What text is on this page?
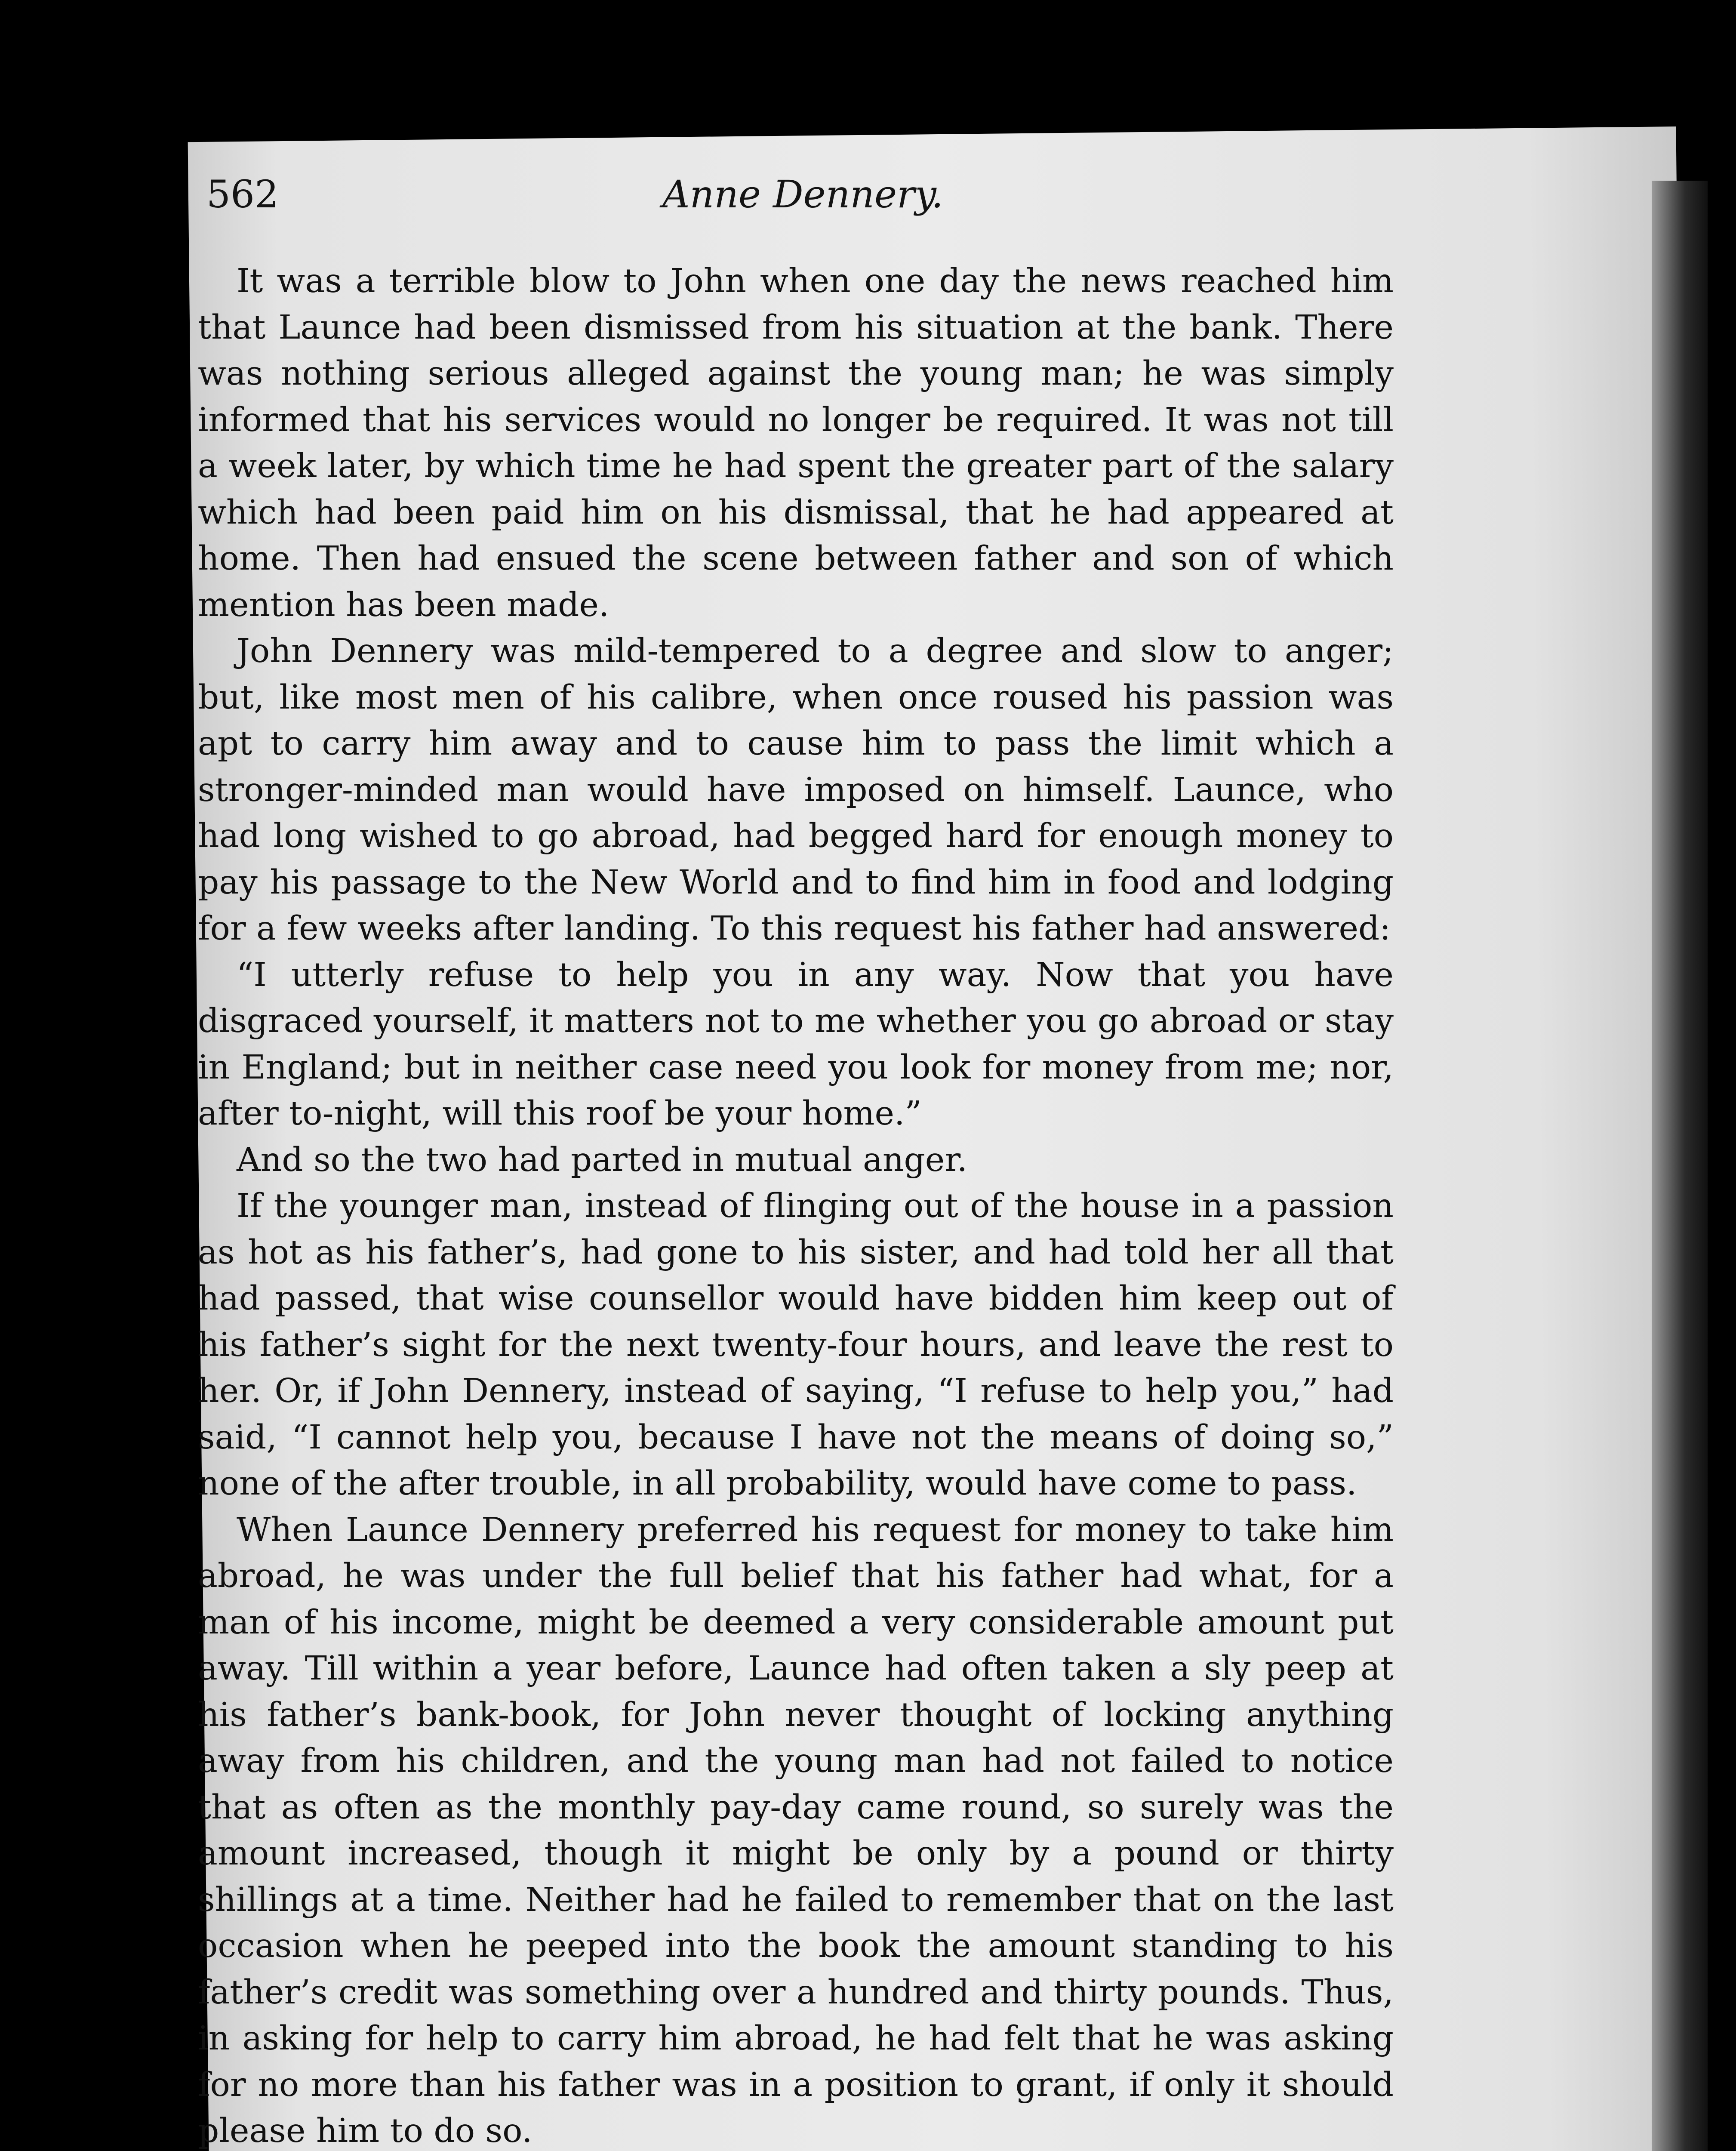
562	Anne Dennery.

It was a terrible blow to John when one day the news reached him that Launce had been dismissed from his situation at the bank. There was nothing serious alleged against the young man; he was simply informed that his services would no longer be required. It was not till a week later, by which time he had spent the greater part of the salary which had been paid him on his dismissal, that he had appeared at home. Then had ensued the scene between father and son of which mention has been made.

John Dennery was mild-tempered to a degree and slow to anger; but, like most men of his calibre, when once roused his passion was apt to carry him away and to cause him to pass the limit which a stronger-minded man would have imposed on himself. Launce, who had long wished to go abroad, had begged hard for enough money to pay his passage to the New World and to find him in food and lodging for a few weeks after landing. To this request his father had answered:

“I utterly refuse to help you in any way. Now that you have disgraced yourself, it matters not to me whether you go abroad or stay in England; but in neither case need you look for money from me; nor, after to-night, will this roof be your home.”

And so the two had parted in mutual anger.

If the younger man, instead of flinging out of the house in a passion as hot as his father’s, had gone to his sister, and had told her all that had passed, that wise counsellor would have bidden him keep out of his father’s sight for the next twenty-four hours, and leave the rest to her. Or, if John Dennery, instead of saying, “I refuse to help you,” had said, “I cannot help you, because I have not the means of doing so,” none of the after trouble, in all probability, would have come to pass.

When Launce Dennery preferred his request for money to take him abroad, he was under the full belief that his father had what, for a man of his income, might be deemed a very considerable amount put away. Till within a year before, Launce had often taken a sly peep at his father’s bank-book, for John never thought of locking anything away from his children, and the young man had not failed to notice that as often as the monthly pay-day came round, so surely was the amount increased, though it might be only by a pound or thirty shillings at a time. Neither had he failed to remember that on the last occasion when he peeped into the book the amount standing to his father’s credit was something over a hundred and thirty pounds. Thus, in asking for help to carry him abroad, he had felt that he was asking for no more than his father was in a position to grant, if only it should please him to do so.
